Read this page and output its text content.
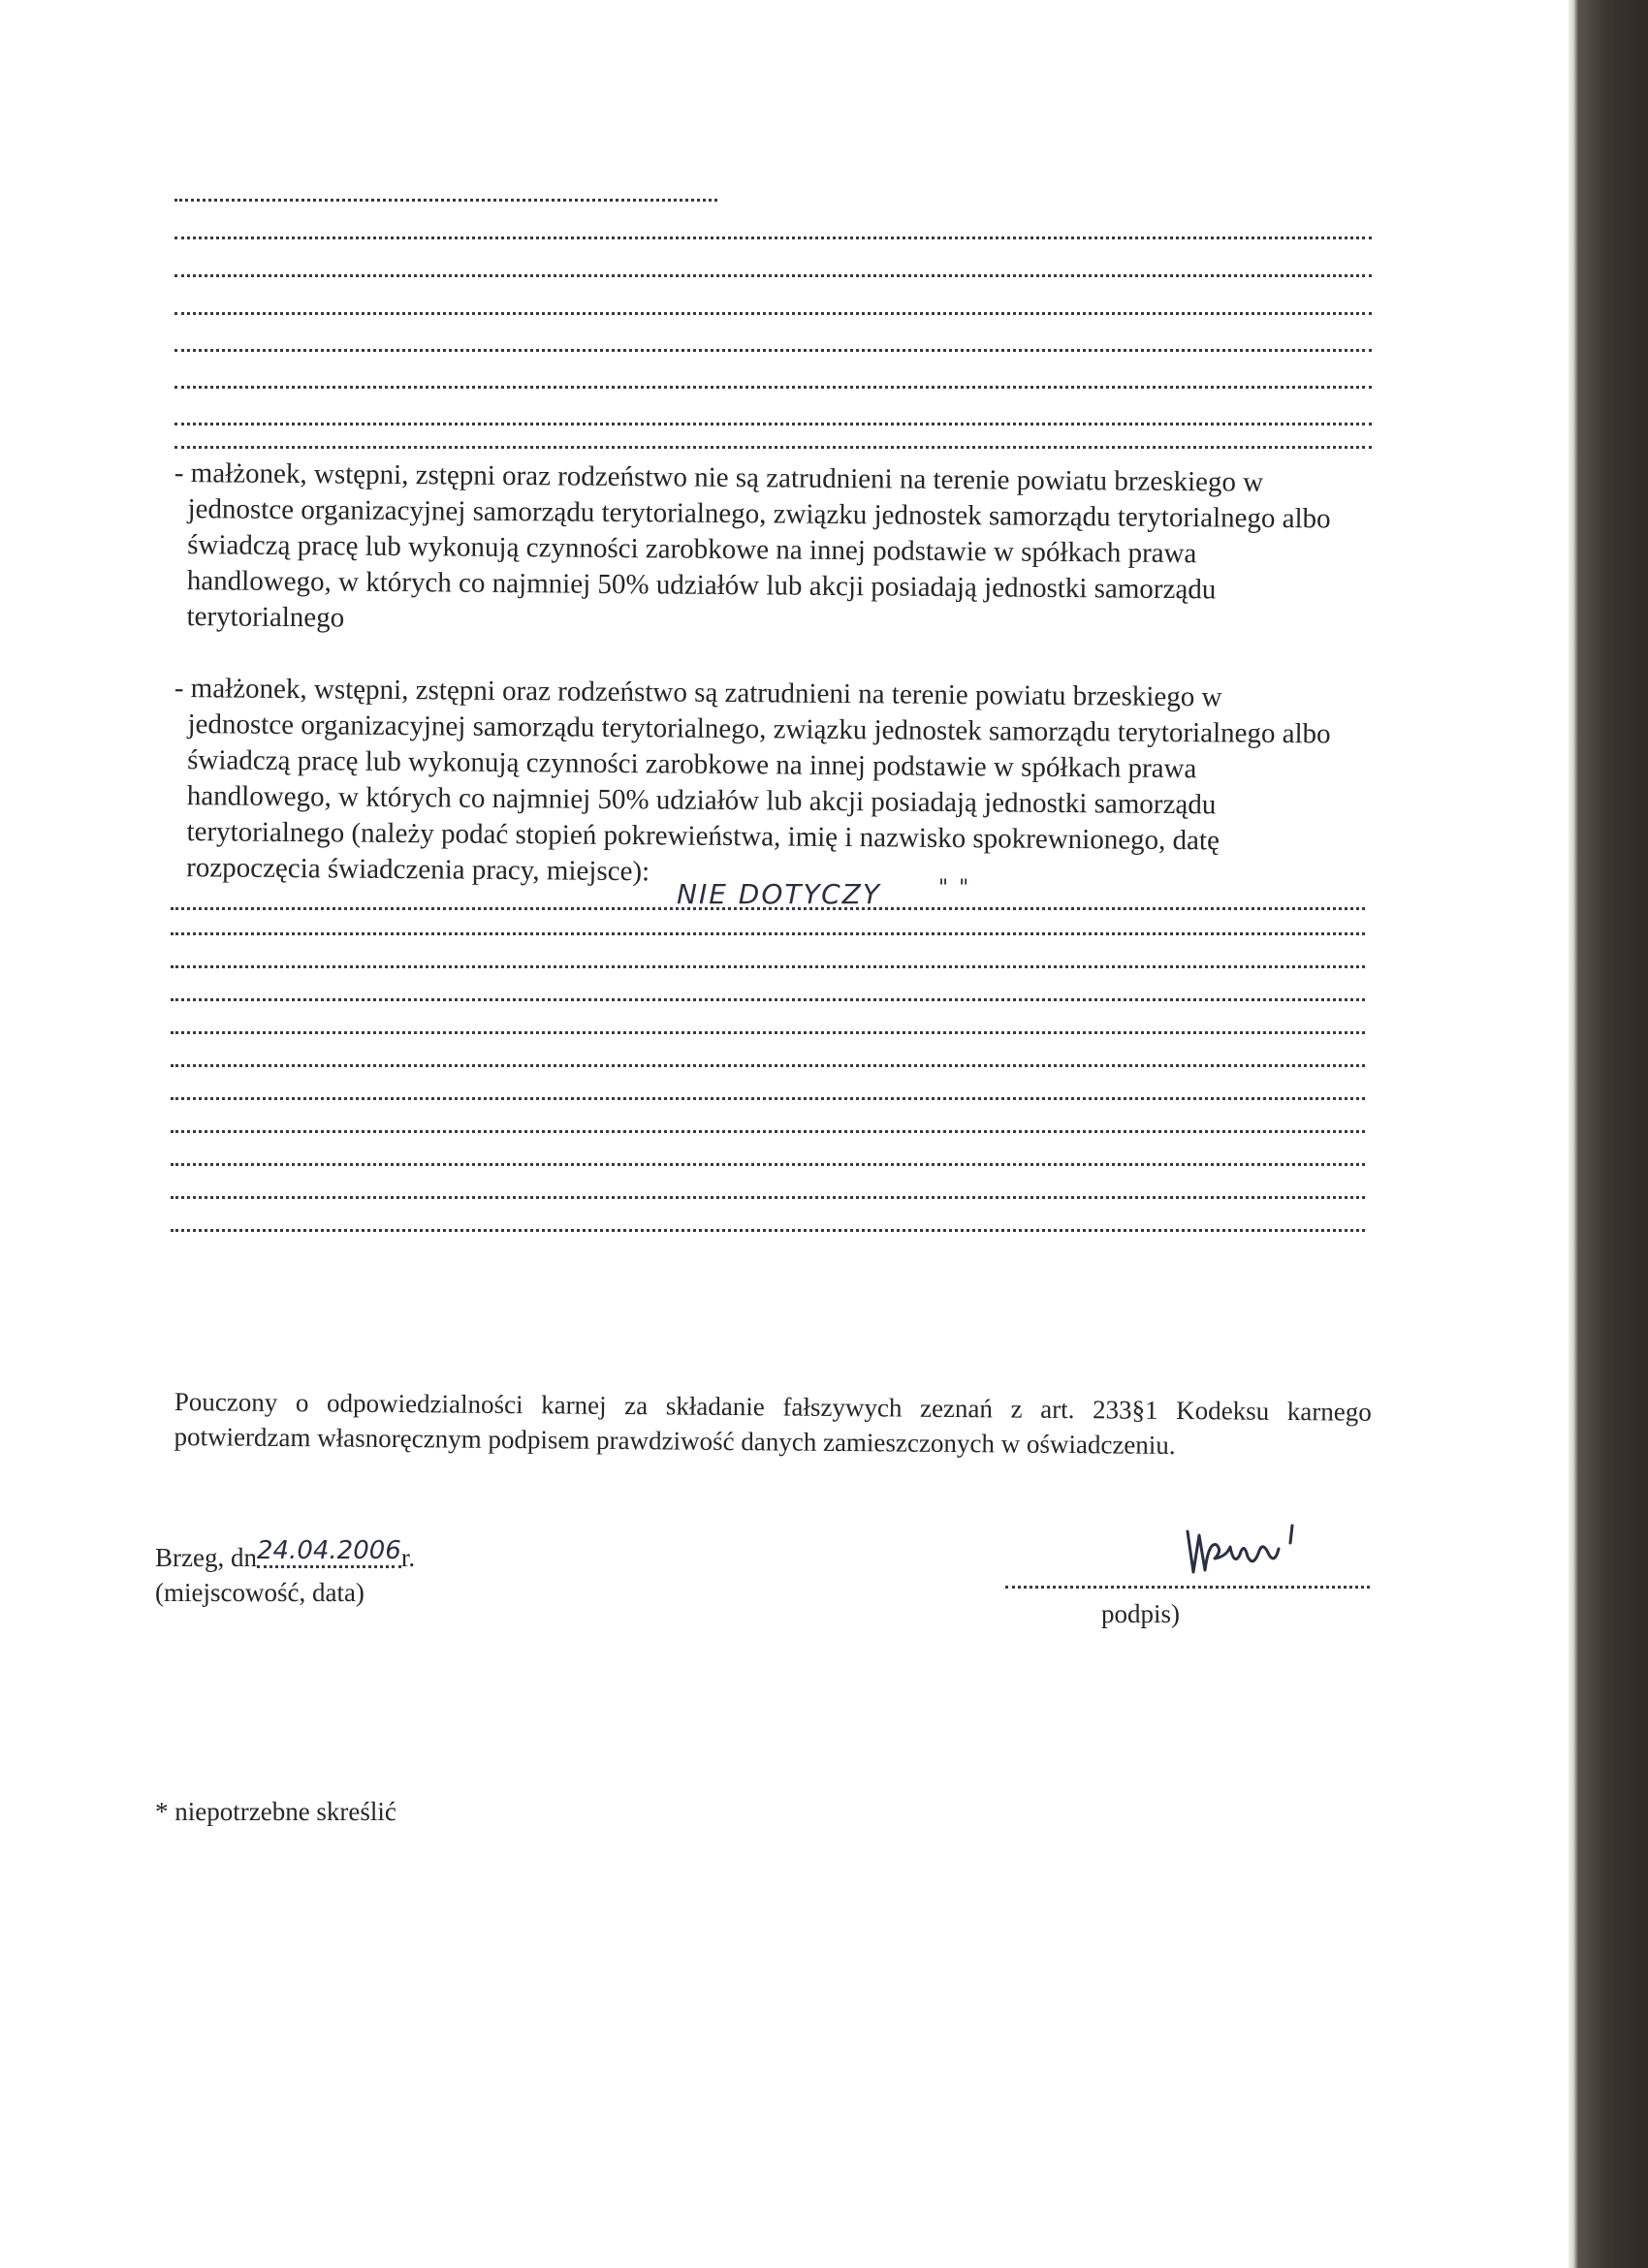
- małżonek, wstępni, zstępni oraz rodzeństwo nie są zatrudnieni na terenie powiatu brzeskiego w
jednostce organizacyjnej samorządu terytorialnego, związku jednostek samorządu terytorialnego albo
świadczą pracę lub wykonują czynności zarobkowe na innej podstawie w spółkach prawa
handlowego, w których co najmniej 50% udziałów lub akcji posiadają jednostki samorządu
terytorialnego
- małżonek, wstępni, zstępni oraz rodzeństwo są zatrudnieni na terenie powiatu brzeskiego w
jednostce organizacyjnej samorządu terytorialnego, związku jednostek samorządu terytorialnego albo
świadczą pracę lub wykonują czynności zarobkowe na innej podstawie w spółkach prawa
handlowego, w których co najmniej 50% udziałów lub akcji posiadają jednostki samorządu
terytorialnego (należy podać stopień pokrewieństwa, imię i nazwisko spokrewnionego, datę
rozpoczęcia świadczenia pracy, miejsce):
NIE DOTYCZY	" "
Pouczony o odpowiedzialności karnej za składanie fałszywych zeznań z art. 233§1 Kodeksu karnego
potwierdzam własnoręcznym podpisem prawdziwość danych zamieszczonych w oświadczeniu.
Brzeg, dn24.04.2006r.
(miejscowość, data)
podpis)
* niepotrzebne skreślić
